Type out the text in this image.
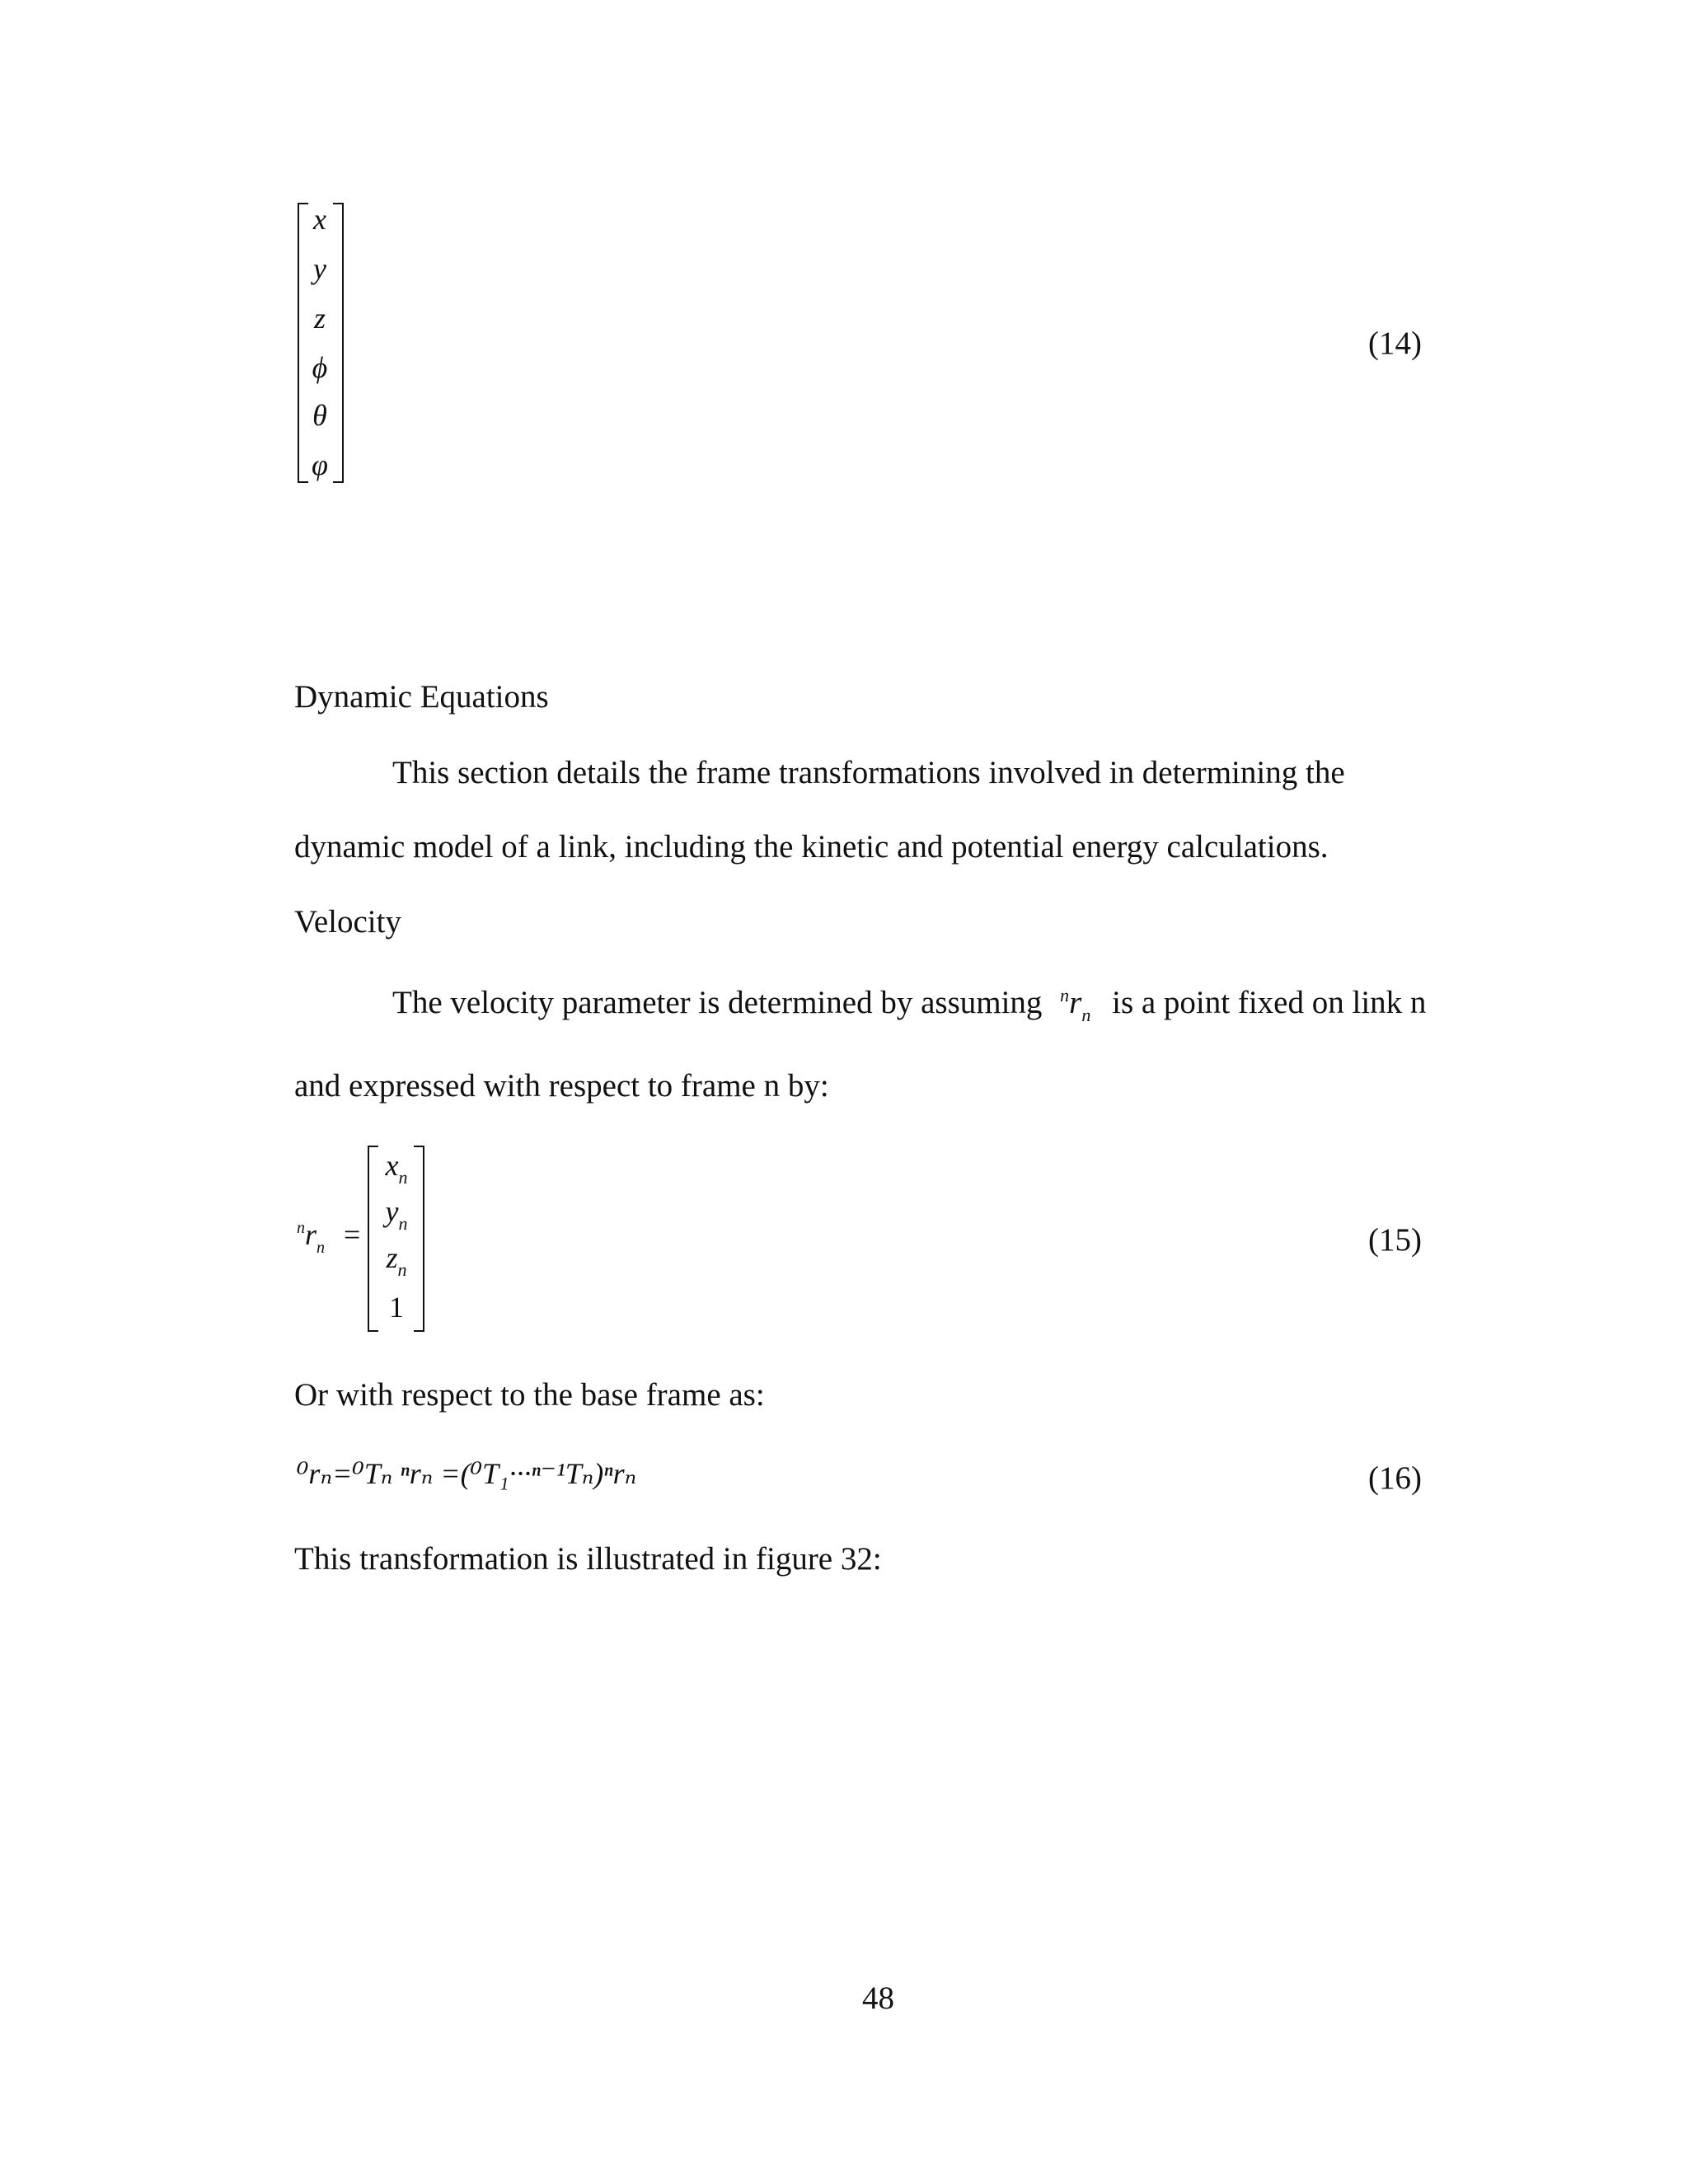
x
y
z
ϕ
θ
φ
(14)
Dynamic Equations
This section details the frame transformations involved in determining the
dynamic model of a link, including the kinetic and potential energy calculations.
Velocity
The velocity parameter is determined by assuming $^nr_n$ is a point fixed on link n
and expressed with respect to frame n by:
$^nr_n$ =
$x_n$
$y_n$
$z_n$
1
(15)
Or with respect to the base frame as:
⁰rₙ=⁰Tₙ ⁿrₙ =(⁰T₁···ⁿ⁻¹Tₙ)ⁿrₙ	(16)
This transformation is illustrated in figure 32:
48
